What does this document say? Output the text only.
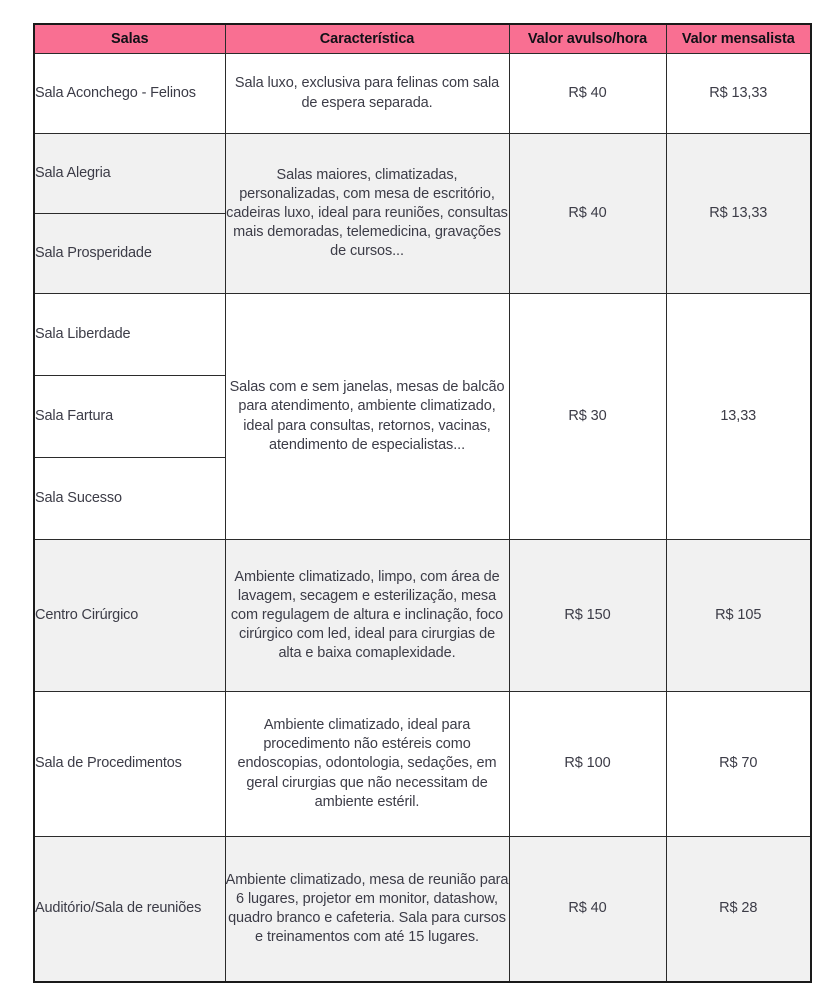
Salas	Característica	Valor avulso/hora	Valor mensalista
Sala Aconchego - Felinos	Sala luxo, exclusiva para felinas com sala de espera separada.	R$ 40	R$ 13,33
Sala Alegria	Salas maiores, climatizadas, personalizadas, com mesa de escritório, cadeiras luxo, ideal para reuniões, consultas mais demoradas, telemedicina, gravações de cursos...	R$ 40	R$ 13,33
Sala Prosperidade			
Sala Liberdade	Salas com e sem janelas, mesas de balcão para atendimento, ambiente climatizado, ideal para consultas, retornos, vacinas, atendimento de especialistas...	R$ 30	13,33
Sala Fartura			
Sala Sucesso			
Centro Cirúrgico	Ambiente climatizado, limpo, com área de lavagem, secagem e esterilização, mesa com regulagem de altura e inclinação, foco cirúrgico com led, ideal para cirurgias de alta e baixa comaplexidade.	R$ 150	R$ 105
Sala de Procedimentos	Ambiente climatizado, ideal para procedimento não estéreis como endoscopias, odontologia, sedações, em geral cirurgias que não necessitam de ambiente estéril.	R$ 100	R$ 70
Auditório/Sala de reuniões	Ambiente climatizado, mesa de reunião para 6 lugares, projetor em monitor, datashow, quadro branco e cafeteria. Sala para cursos e treinamentos com até 15 lugares.	R$ 40	R$ 28
